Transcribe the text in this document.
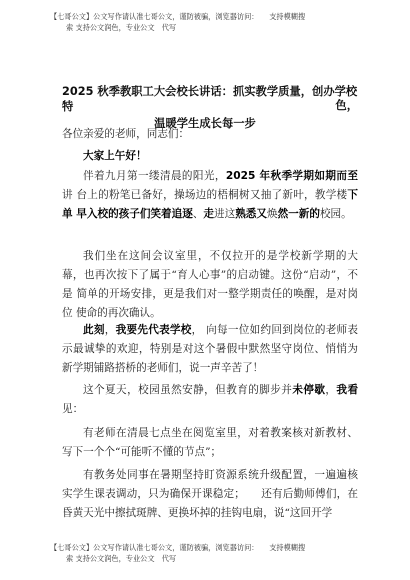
【七哥公文】公文写作请认准七哥公文，谨防被骗，浏览器访问：　　支持模糊搜
索 支持公文润色，专业公文　代写
2025 秋季教职工大会校长讲话：抓实教学质量，创办学校特	色，
温暖学生成长每一步
各位亲爱的老师，同志们：
大家上午好！
伴着九月第一缕清晨的阳光，2025 年秋季学期如期而至讲 台上的粉笔已备好，操场边的梧桐树又抽了新叶，教学楼下单 早入校的孩子们笑着追逐、走进这熟悉又焕然一新的校园。
我们坐在这间会议室里，不仅拉开的是学校新学期的大幕，也再次按下了属于“育人心事”的启动键。这份“启动”，不是 简单的开场安排，更是我们对一整学期责任的唤醒，是对岗位 使命的再次确认。
此刻，我要先代表学校， 向每一位如约回到岗位的老师表 示最诚挚的欢迎，特别是对这个暑假中默然坚守岗位、悄悄为 新学期铺路搭桥的老师们，说一声辛苦了！
这个夏天，校园虽然安静，但教育的脚步并未停歇，我看见：
有老师在清晨七点坐在阅览室里，对着教案核对新教材、写下一个个“可能听不懂的节点”；
有教务处同事在暑期坚持盯资源系统升级配置，一遍遍核实学生课表调动，只为确保开课稳定；　　还有后勤师傅们，在昏黄天光中擦拭斑牌、更换坏掉的挂钩电扇，说“这回开学
【七哥公文】公文写作请认准七哥公文，谨防被骗，浏览器访问：　　支持模糊搜
索 支持公文润色，专业公文　代写
